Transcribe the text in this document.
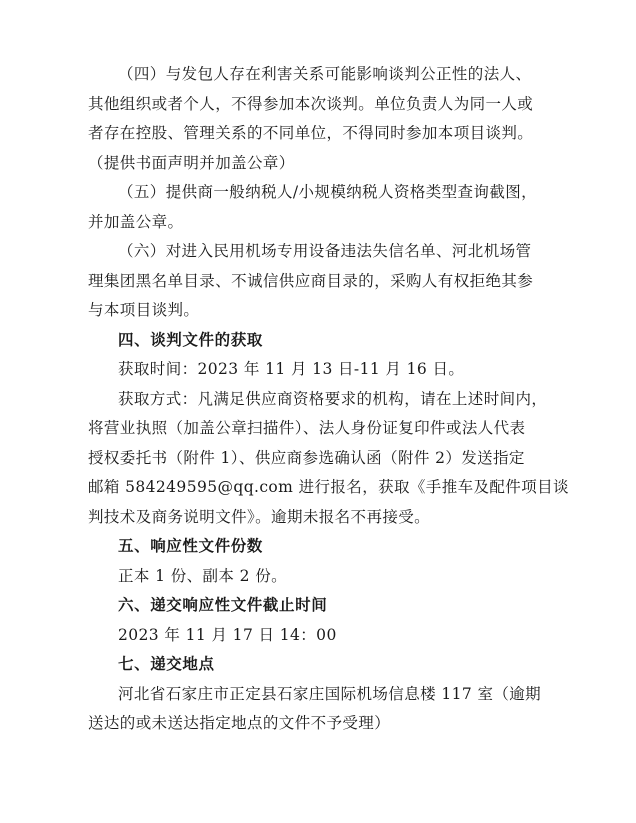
（四）与发包人存在利害关系可能影响谈判公正性的法人、
其他组织或者个人，不得参加本次谈判。单位负责人为同一人或
者存在控股、管理关系的不同单位，不得同时参加本项目谈判。
（提供书面声明并加盖公章）
（五）提供商一般纳税人/小规模纳税人资格类型查询截图，
并加盖公章。
（六）对进入民用机场专用设备违法失信名单、河北机场管
理集团黑名单目录、不诚信供应商目录的，采购人有权拒绝其参
与本项目谈判。
四、谈判文件的获取
获取时间：2023 年 11 月 13 日-11 月 16 日。
获取方式：凡满足供应商资格要求的机构，请在上述时间内，
将营业执照（加盖公章扫描件）、法人身份证复印件或法人代表
授权委托书（附件 1）、供应商参选确认函（附件 2）发送指定
邮箱 584249595@qq.com 进行报名，获取《手推车及配件项目谈
判技术及商务说明文件》。逾期未报名不再接受。
五、响应性文件份数
正本 1 份、副本 2 份。
六、递交响应性文件截止时间
2023 年 11 月 17 日 14：00
七、递交地点
河北省石家庄市正定县石家庄国际机场信息楼 117 室（逾期
送达的或未送达指定地点的文件不予受理）
